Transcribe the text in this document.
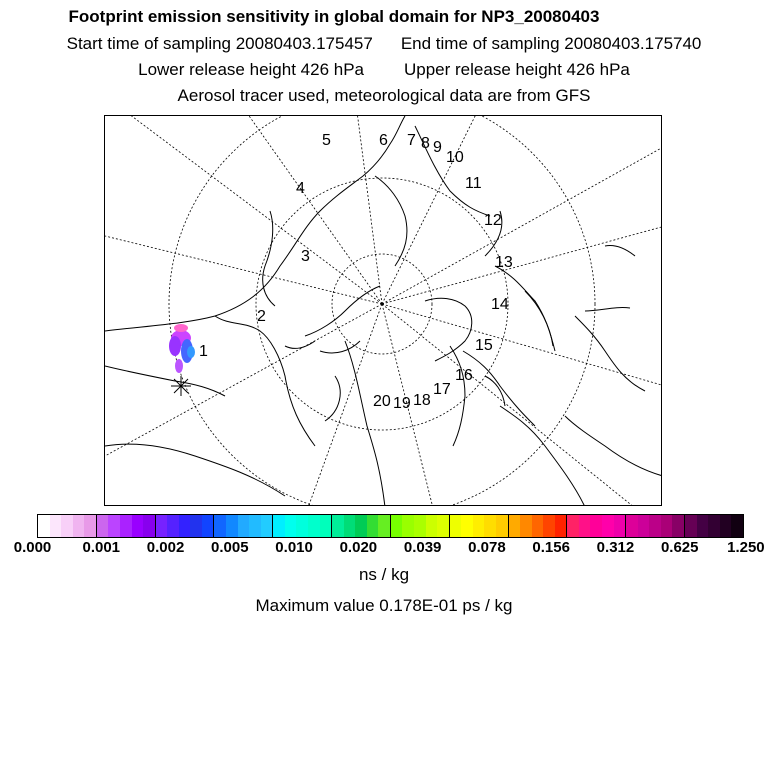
Footprint emission sensitivity in global domain for NP3_20080403
Start time of sampling 20080403.175457 End time of sampling 20080403.175740
Lower release height 426 hPa Upper release height 426 hPa
Aerosol tracer used, meteorological data are from GFS
1
2
3
4
5	6 7 8 9
10
11
12
13
14
15
16
17
18
19
20
0.000 0.001 0.002 0.005 0.010 0.020 0.039 0.078 0.156 0.312 0.625 1.250
ns / kg
Maximum value 0.178E-01 ps / kg
